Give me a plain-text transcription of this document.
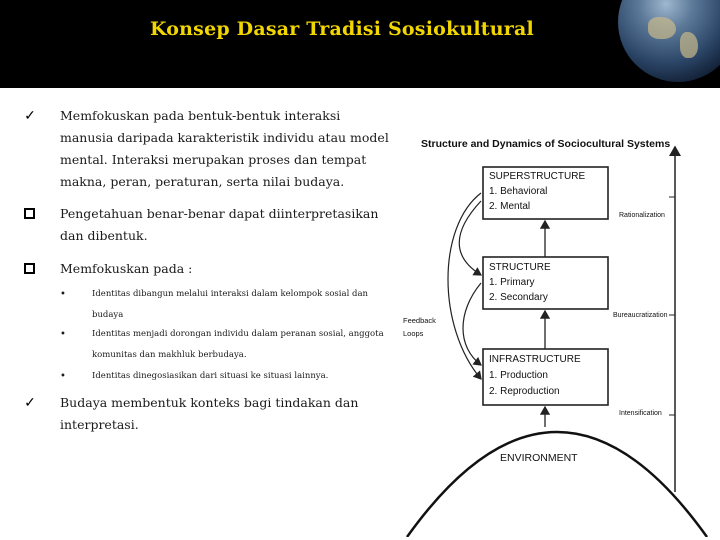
Konsep Dasar Tradisi Sosiokultural
✓ Memfokuskan pada bentuk-bentuk interaksi manusia daripada karakteristik individu atau model mental. Interaksi merupakan proses dan tempat makna, peran, peraturan, serta nilai budaya.
Pengetahuan benar-benar dapat diinterpretasikan dan dibentuk.
Memfokuskan pada :
•	Identitas dibangun melalui interaksi dalam kelompok sosial dan budaya
•	Identitas menjadi dorongan individu dalam peranan sosial, anggota komunitas dan makhluk berbudaya.
•	Identitas dinegosiasikan dari situasi ke situasi lainnya.
✓ Budaya membentuk konteks bagi tindakan dan interpretasi.
Structure and Dynamics of Sociocultural Systems
ENVIRONMENT
Rationalization
Bureaucratization
Intensification
SUPERSTRUCTURE
1. Behavioral
2. Mental
STRUCTURE
1. Primary
2. Secondary
INFRASTRUCTURE
1. Production
2. Reproduction
Feedback
Loops
